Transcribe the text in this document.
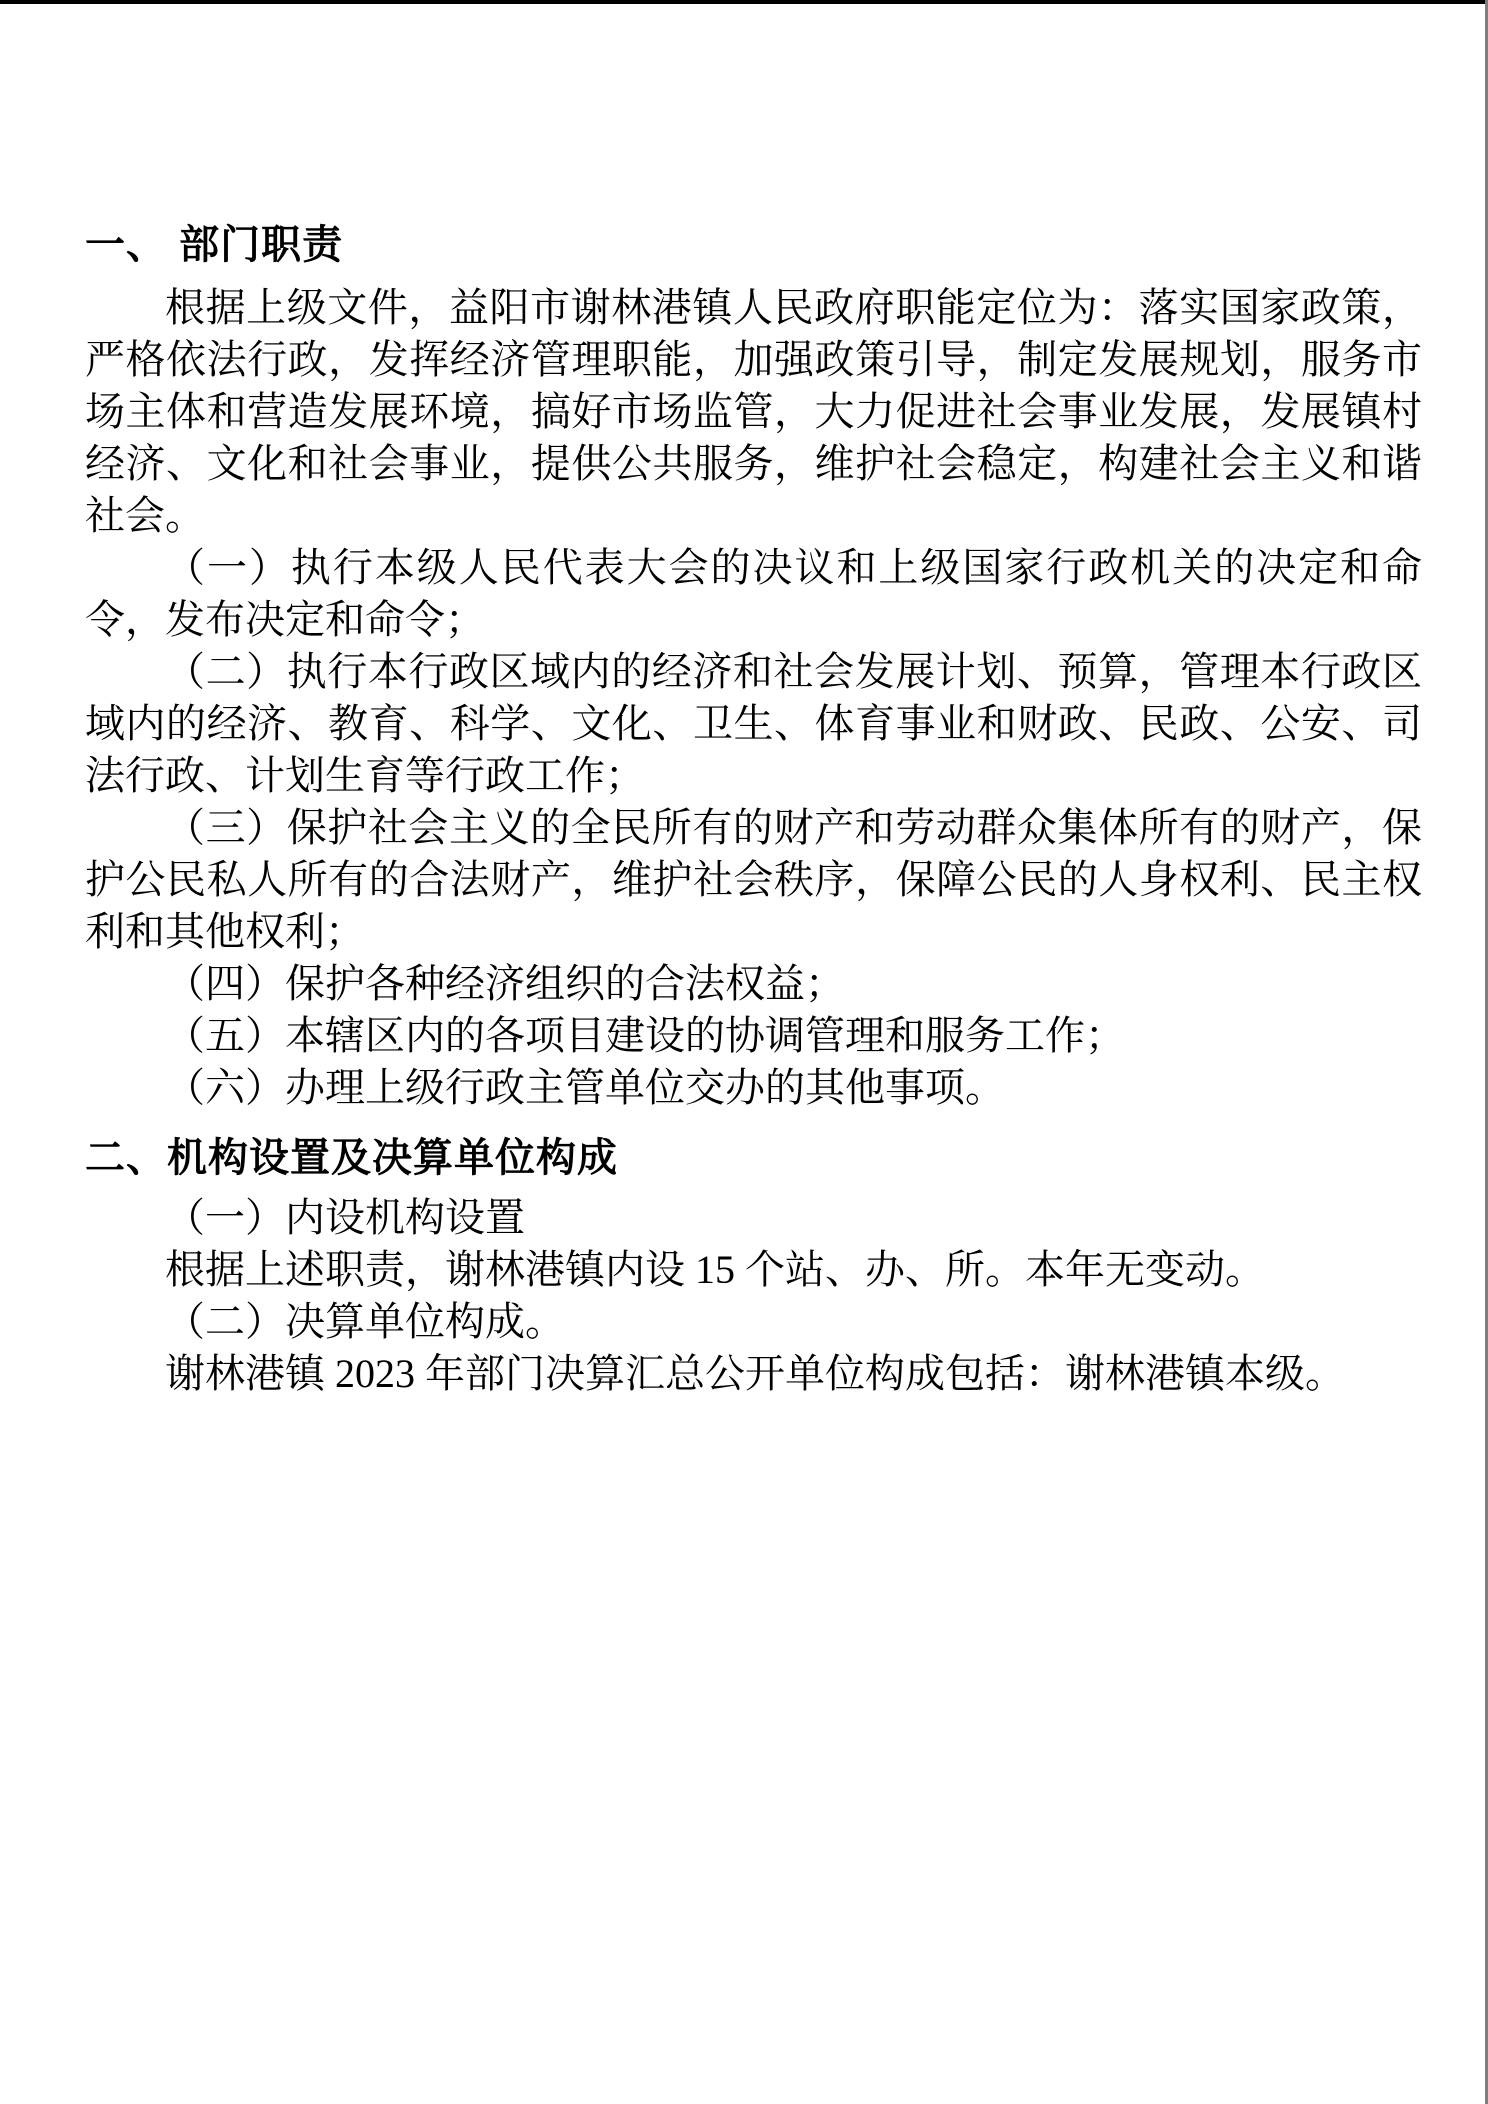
一、 部门职责

根据上级文件，益阳市谢林港镇人民政府职能定位为：落实国家政策，严格依法行政，发挥经济管理职能，加强政策引导，制定发展规划，服务市场主体和营造发展环境，搞好市场监管，大力促进社会事业发展，发展镇村经济、文化和社会事业，提供公共服务，维护社会稳定，构建社会主义和谐社会。

（一）执行本级人民代表大会的决议和上级国家行政机关的决定和命令，发布决定和命令；

（二）执行本行政区域内的经济和社会发展计划、预算，管理本行政区域内的经济、教育、科学、文化、卫生、体育事业和财政、民政、公安、司法行政、计划生育等行政工作；

（三）保护社会主义的全民所有的财产和劳动群众集体所有的财产，保护公民私人所有的合法财产，维护社会秩序，保障公民的人身权利、民主权利和其他权利；

（四）保护各种经济组织的合法权益；

（五）本辖区内的各项目建设的协调管理和服务工作；

（六）办理上级行政主管单位交办的其他事项。

二、机构设置及决算单位构成

（一）内设机构设置

根据上述职责，谢林港镇内设 15 个站、办、所。本年无变动。

（二）决算单位构成。

谢林港镇 2023 年部门决算汇总公开单位构成包括：谢林港镇本级。
